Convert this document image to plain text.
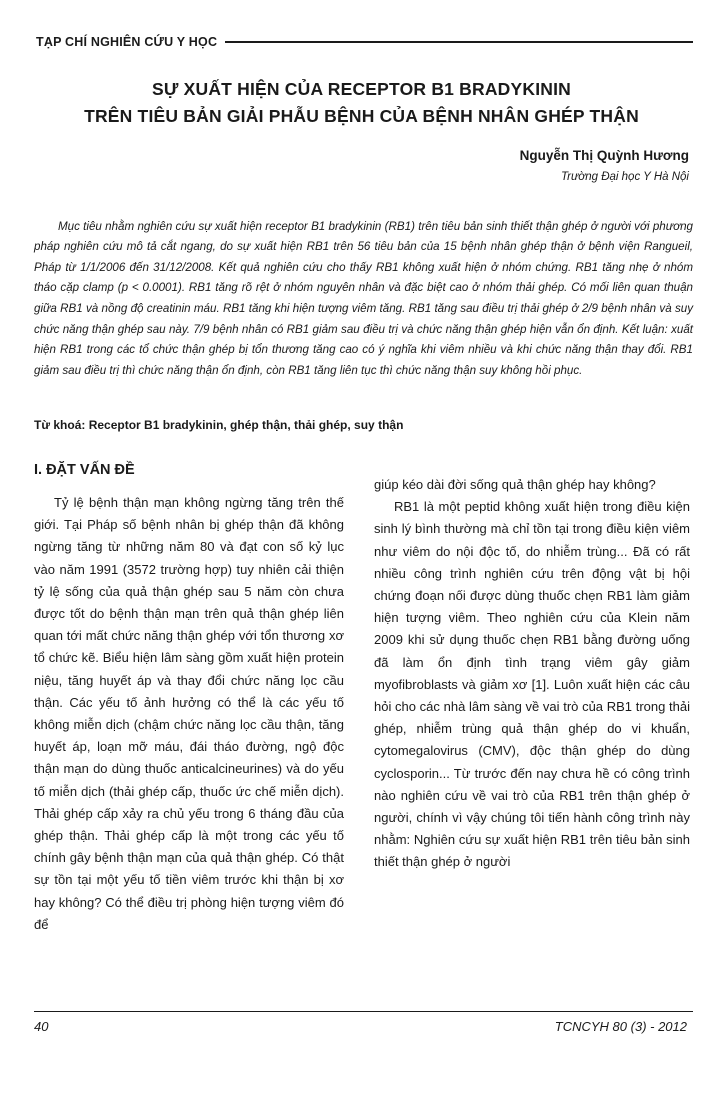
TẠP CHÍ NGHIÊN CỨU Y HỌC
SỰ XUẤT HIỆN CỦA RECEPTOR B1 BRADYKININ
TRÊN TIÊU BẢN GIẢI PHẪU BỆNH CỦA BỆNH NHÂN GHÉP THẬN
Nguyễn Thị Quỳnh Hương
Trường Đại học Y Hà Nội

Mục tiêu nhằm nghiên cứu sự xuất hiện receptor B1 bradykinin (RB1) trên tiêu bản sinh thiết thận ghép ở người với phương pháp nghiên cứu mô tả cắt ngang, do sự xuất hiện RB1 trên 56 tiêu bản của 15 bệnh nhân ghép thận ở bệnh viện Rangueil, Pháp từ 1/1/2006 đến 31/12/2008. Kết quả nghiên cứu cho thấy RB1 không xuất hiện ở nhóm chứng. RB1 tăng nhẹ ở nhóm tháo cặp clamp (p < 0.0001). RB1 tăng rõ rệt ở nhóm nguyên nhân và đặc biệt cao ở nhóm thải ghép. Có mối liên quan thuận giữa RB1 và nồng độ creatinin máu. RB1 tăng khi hiện tượng viêm tăng. RB1 tăng sau điều trị thải ghép ở 2/9 bệnh nhân và suy chức năng thận ghép sau này. 7/9 bệnh nhân có RB1 giảm sau điều trị và chức năng thận ghép hiện vẫn ổn định. Kết luận: xuất hiện RB1 trong các tổ chức thận ghép bị tổn thương tăng cao có ý nghĩa khi viêm nhiều và khi chức năng thận thay đổi. RB1 giảm sau điều trị thì chức năng thận ổn định, còn RB1 tăng liên tục thì chức năng thận suy không hồi phục.

Từ khoá: Receptor B1 bradykinin, ghép thận, thải ghép, suy thận
I. ĐẶT VẤN ĐỀ

Tỷ lệ bệnh thận mạn không ngừng tăng trên thế giới. Tại Pháp số bệnh nhân bị ghép thận đã không ngừng tăng từ những năm 80 và đạt con số kỷ lục vào năm 1991 (3572 trường hợp) tuy nhiên cải thiện tỷ lệ sống của quả thận ghép sau 5 năm còn chưa được tốt do bệnh thận mạn trên quả thận ghép liên quan tới mất chức năng thận ghép với tổn thương xơ tổ chức kẽ. Biểu hiện lâm sàng gồm xuất hiện protein niệu, tăng huyết áp và thay đổi chức năng lọc cầu thận. Các yếu tố ảnh hưởng có thể là các yếu tố không miễn dịch (chậm chức năng lọc cầu thận, tăng huyết áp, loạn mỡ máu, đái tháo đường, ngộ độc thận mạn do dùng thuốc anticalcineurines) và do yếu tố miễn dịch (thải ghép cấp, thuốc ức chế miễn dịch). Thải ghép cấp xảy ra chủ yếu trong 6 tháng đầu của ghép thận. Thải ghép cấp là một trong các yếu tố chính gây bệnh thận mạn của quả thận ghép. Có thật sự tồn tại một yếu tố tiền viêm trước khi thận bị xơ hay không? Có thể điều trị phòng hiện tượng viêm đó để

giúp kéo dài đời sống quả thận ghép hay không?

RB1 là một peptid không xuất hiện trong điều kiện sinh lý bình thường mà chỉ tồn tại trong điều kiện viêm như viêm do nội độc tố, do nhiễm trùng... Đã có rất nhiều công trình nghiên cứu trên động vật bị hội chứng đoạn nối được dùng thuốc chẹn RB1 làm giảm hiện tượng viêm. Theo nghiên cứu của Klein năm 2009 khi sử dụng thuốc chẹn RB1 bằng đường uống đã làm ổn định tình trạng viêm gây giảm myofibroblasts và giảm xơ [1]. Luôn xuất hiện các câu hỏi cho các nhà lâm sàng về vai trò của RB1 trong thải ghép, nhiễm trùng quả thận ghép do vi khuẩn, cytomegalovirus (CMV), độc thận ghép do dùng cyclosporin... Từ trước đến nay chưa hề có công trình nào nghiên cứu về vai trò của RB1 trên thận ghép ở người, chính vì vậy chúng tôi tiến hành công trình này nhằm: Nghiên cứu sự xuất hiện RB1 trên tiêu bản sinh thiết thận ghép ở người

40	TCNCYH 80 (3) - 2012
